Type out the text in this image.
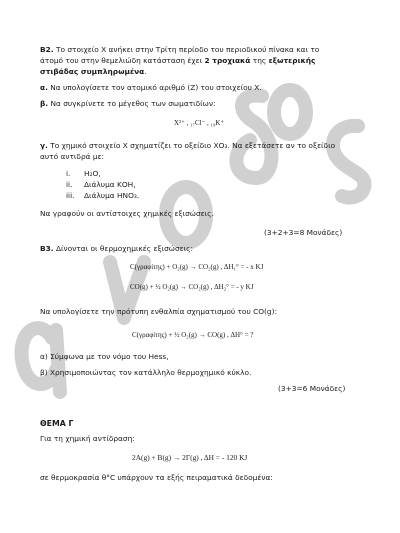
Β2. Το στοιχείο Χ ανήκει στην Τρίτη περίοδο του περιοδικού πίνακα και το
άτομό του στην θεμελιώδη κατάσταση έχει 2 τροχιακά της εξωτερικής
στιβάδας συμπληρωμένα.
α. Να υπολογίσετε τον ατομικό αριθμό (Ζ) του στοιχείου Χ.
β. Να συγκρίνετε το μέγεθος των σωματιδίων:
X²⁺ , ₁₇Cl⁻ , ₁₉K⁺
γ. Το χημικό στοιχείο Χ σχηματίζει το οξείδιο ΧΟ₃. Να εξετάσετε αν το οξείδιο
αυτό αντιδρά με:
i. H₂O,
ii. Διάλυμα ΚΟΗ,
iii. Διάλυμα HNO₃.
Να γραφούν οι αντίστοιχες χημικές εξισώσεις.
(3+2+3=8 Μονάδες)
Β3. Δίνονται οι θερμοχημικές εξισώσεις:
C(γραφίτης) + O₂(g) → CO₂(g) , ΔH₁° = - x KJ
CO(g) + ½ O₂(g) → CO₂(g) , ΔH₂° = - y KJ
Να υπολογίσετε την πρότυπη ενθαλπία σχηματισμού του CO(g):
C(γραφίτης) + ½ O₂(g) → CO(g) , ΔH° = ?
α) Σύμφωνα με τον νόμο του Hess,
β) Χρησιμοποιώντας τον κατάλληλο θερμοχημικό κύκλο.
(3+3=6 Μονάδες)
ΘΕΜΑ Γ
Για τη χημική αντίδραση:
2A(g) + B(g) → 2Γ(g) , ΔH = - 120 KJ
σε θερμοκρασία θ°C υπάρχουν τα εξής πειραματικά δεδομένα:
